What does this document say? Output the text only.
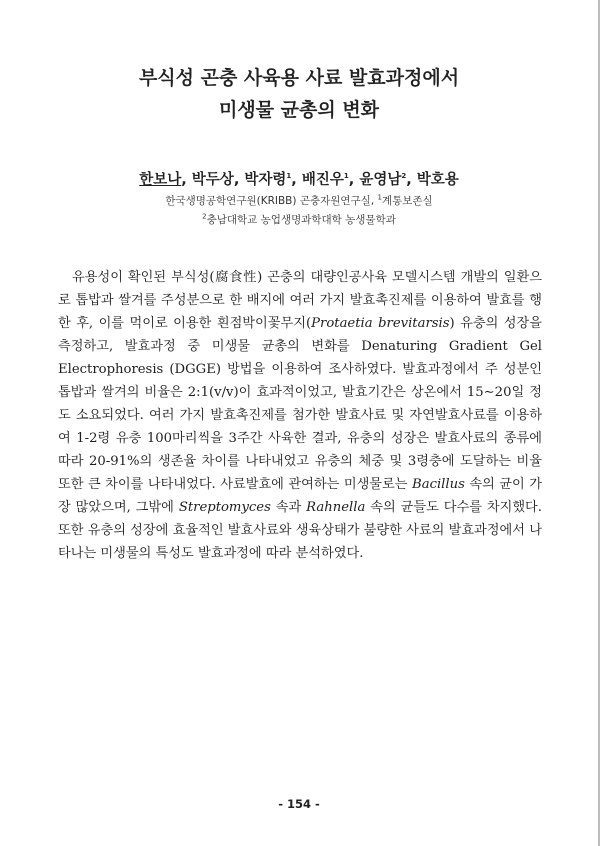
부식성 곤충 사육용 사료 발효과정에서
미생물 균총의 변화
한보나, 박두상, 박자령$^1$, 배진우$^1$, 윤영남$^2$, 박호용
한국생명공학연구원(KRIBB) 곤충자원연구실, $^1$계통보존실
$^2$충남대학교 농업생명과학대학 농생물학과
유용성이 확인된 부식성(腐食性) 곤충의 대량인공사육 모델시스템 개발의 일환으로 톱밥과 쌀겨를 주성분으로 한 배지에 여러 가지 발효촉진제를 이용하여 발효를 행한 후, 이를 먹이로 이용한 흰점박이꽃무지(Protaetia brevitarsis) 유충의 성장을 측정하고, 발효과정 중 미생물 균총의 변화를 Denaturing Gradient Gel Electrophoresis (DGGE) 방법을 이용하여 조사하였다. 발효과정에서 주 성분인 톱밥과 쌀겨의 비율은 2:1(v/v)이 효과적이었고, 발효기간은 상온에서 15∼20일 정도 소요되었다. 여러 가지 발효촉진제를 첨가한 발효사료 및 자연발효사료를 이용하여 1-2령 유충 100마리씩을 3주간 사육한 결과, 유충의 성장은 발효사료의 종류에 따라 20-91%의 생존율 차이를 나타내었고 유충의 체중 및 3령충에 도달하는 비율 또한 큰 차이를 나타내었다. 사료발효에 관여하는 미생물로는 Bacillus 속의 균이 가장 많았으며, 그밖에 Streptomyces 속과 Rahnella 속의 균들도 다수를 차지했다. 또한 유충의 성장에 효율적인 발효사료와 생육상태가 불량한 사료의 발효과정에서 나타나는 미생물의 특성도 발효과정에 따라 분석하였다.
- 154 -
